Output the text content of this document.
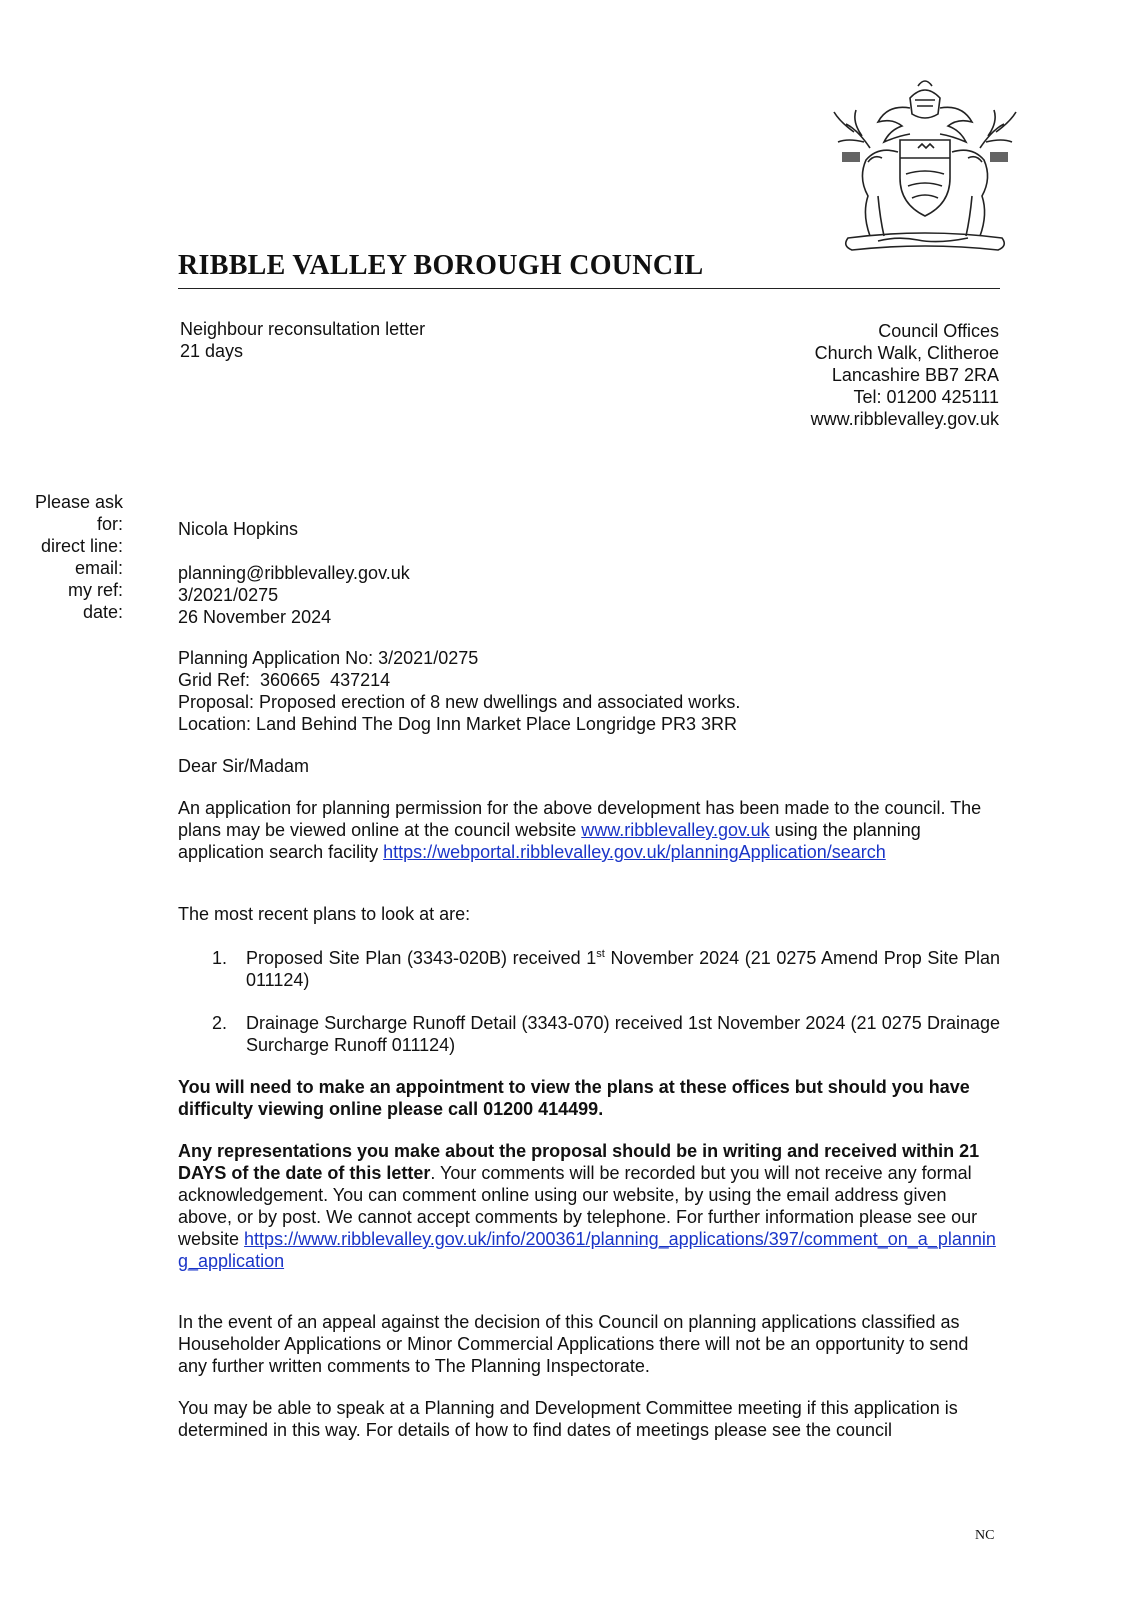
RIBBLE VALLEY BOROUGH COUNCIL
Neighbour reconsultation letter
21 days
Council Offices
Church Walk, Clitheroe
Lancashire BB7 2RA
Tel: 01200 425111
www.ribblevalley.gov.uk
Please ask
for:
direct line:
email:
my ref:
date:
Nicola Hopkins
planning@ribblevalley.gov.uk
3/2021/0275
26 November 2024
Planning Application No: 3/2021/0275
Grid Ref:  360665  437214
Proposal: Proposed erection of 8 new dwellings and associated works.
Location: Land Behind The Dog Inn Market Place Longridge PR3 3RR
Dear Sir/Madam

An application for planning permission for the above development has been made to the council. The plans may be viewed online at the council website www.ribblevalley.gov.uk using the planning application search facility https://webportal.ribblevalley.gov.uk/planningApplication/search

The most recent plans to look at are:
1. Proposed Site Plan (3343-020B) received 1st November 2024 (21 0275 Amend Prop Site Plan 011124)
2. Drainage Surcharge Runoff Detail (3343-070) received 1st November 2024 (21 0275 Drainage Surcharge Runoff 011124)
You will need to make an appointment to view the plans at these offices but should you have difficulty viewing online please call 01200 414499.

Any representations you make about the proposal should be in writing and received within 21 DAYS of the date of this letter. Your comments will be recorded but you will not receive any formal acknowledgement. You can comment online using our website, by using the email address given above, or by post. We cannot accept comments by telephone. For further information please see our website https://www.ribblevalley.gov.uk/info/200361/planning_applications/397/comment_on_a_planning_application

In the event of an appeal against the decision of this Council on planning applications classified as Householder Applications or Minor Commercial Applications there will not be an opportunity to send any further written comments to The Planning Inspectorate.
You may be able to speak at a Planning and Development Committee meeting if this application is determined in this way. For details of how to find dates of meetings please see the council
NC
